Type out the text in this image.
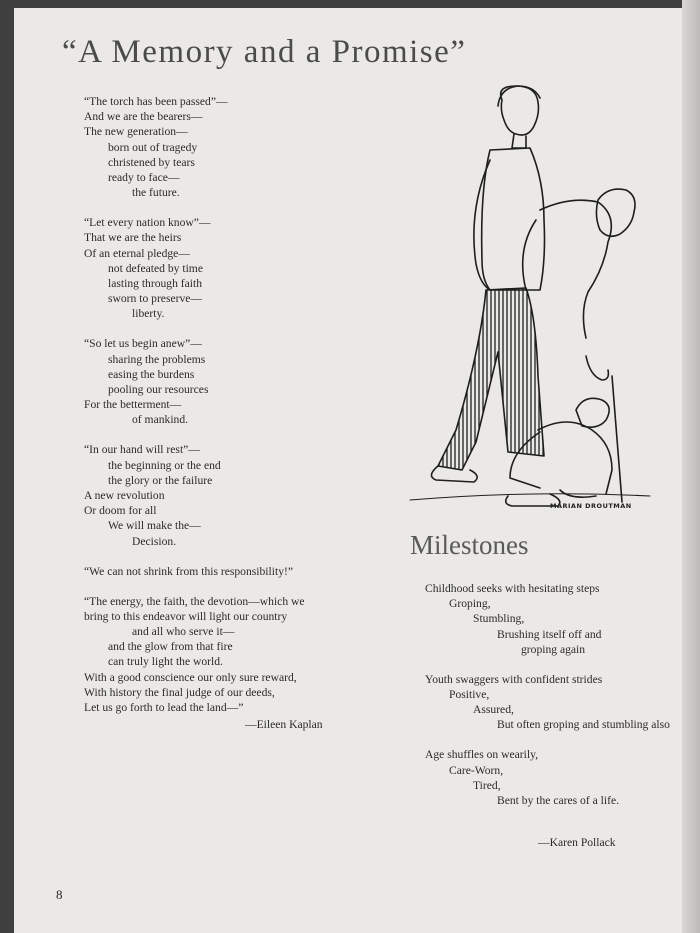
“A Memory and a Promise”
“The torch has been passed”—
And we are the bearers—
The new generation—
born out of tragedy
christened by tears
ready to face—
the future.
“Let every nation know”—
That we are the heirs
Of an eternal pledge—
not defeated by time
lasting through faith
sworn to preserve—
liberty.
“So let us begin anew”—
sharing the problems
easing the burdens
pooling our resources
For the betterment—
of mankind.
“In our hand will rest”—
the beginning or the end
the glory or the failure
A new revolution
Or doom for all
We will make the—
Decision.
“We can not shrink from this responsibility!”
“The energy, the faith, the devotion—which we
bring to this endeavor will light our country
and all who serve it—
and the glow from that fire
can truly light the world.
With a good conscience our only sure reward,
With history the final judge of our deeds,
Let us go forth to lead the land—”
—Eileen Kaplan
MARIAN DROUTMAN
Milestones
Childhood seeks with hesitating steps
Groping,
Stumbling,
Brushing itself off and
groping again
Youth swaggers with confident strides
Positive,
Assured,
But often groping and stumbling also
Age shuffles on wearily,
Care-Worn,
Tired,
Bent by the cares of a life.
—Karen Pollack
8
